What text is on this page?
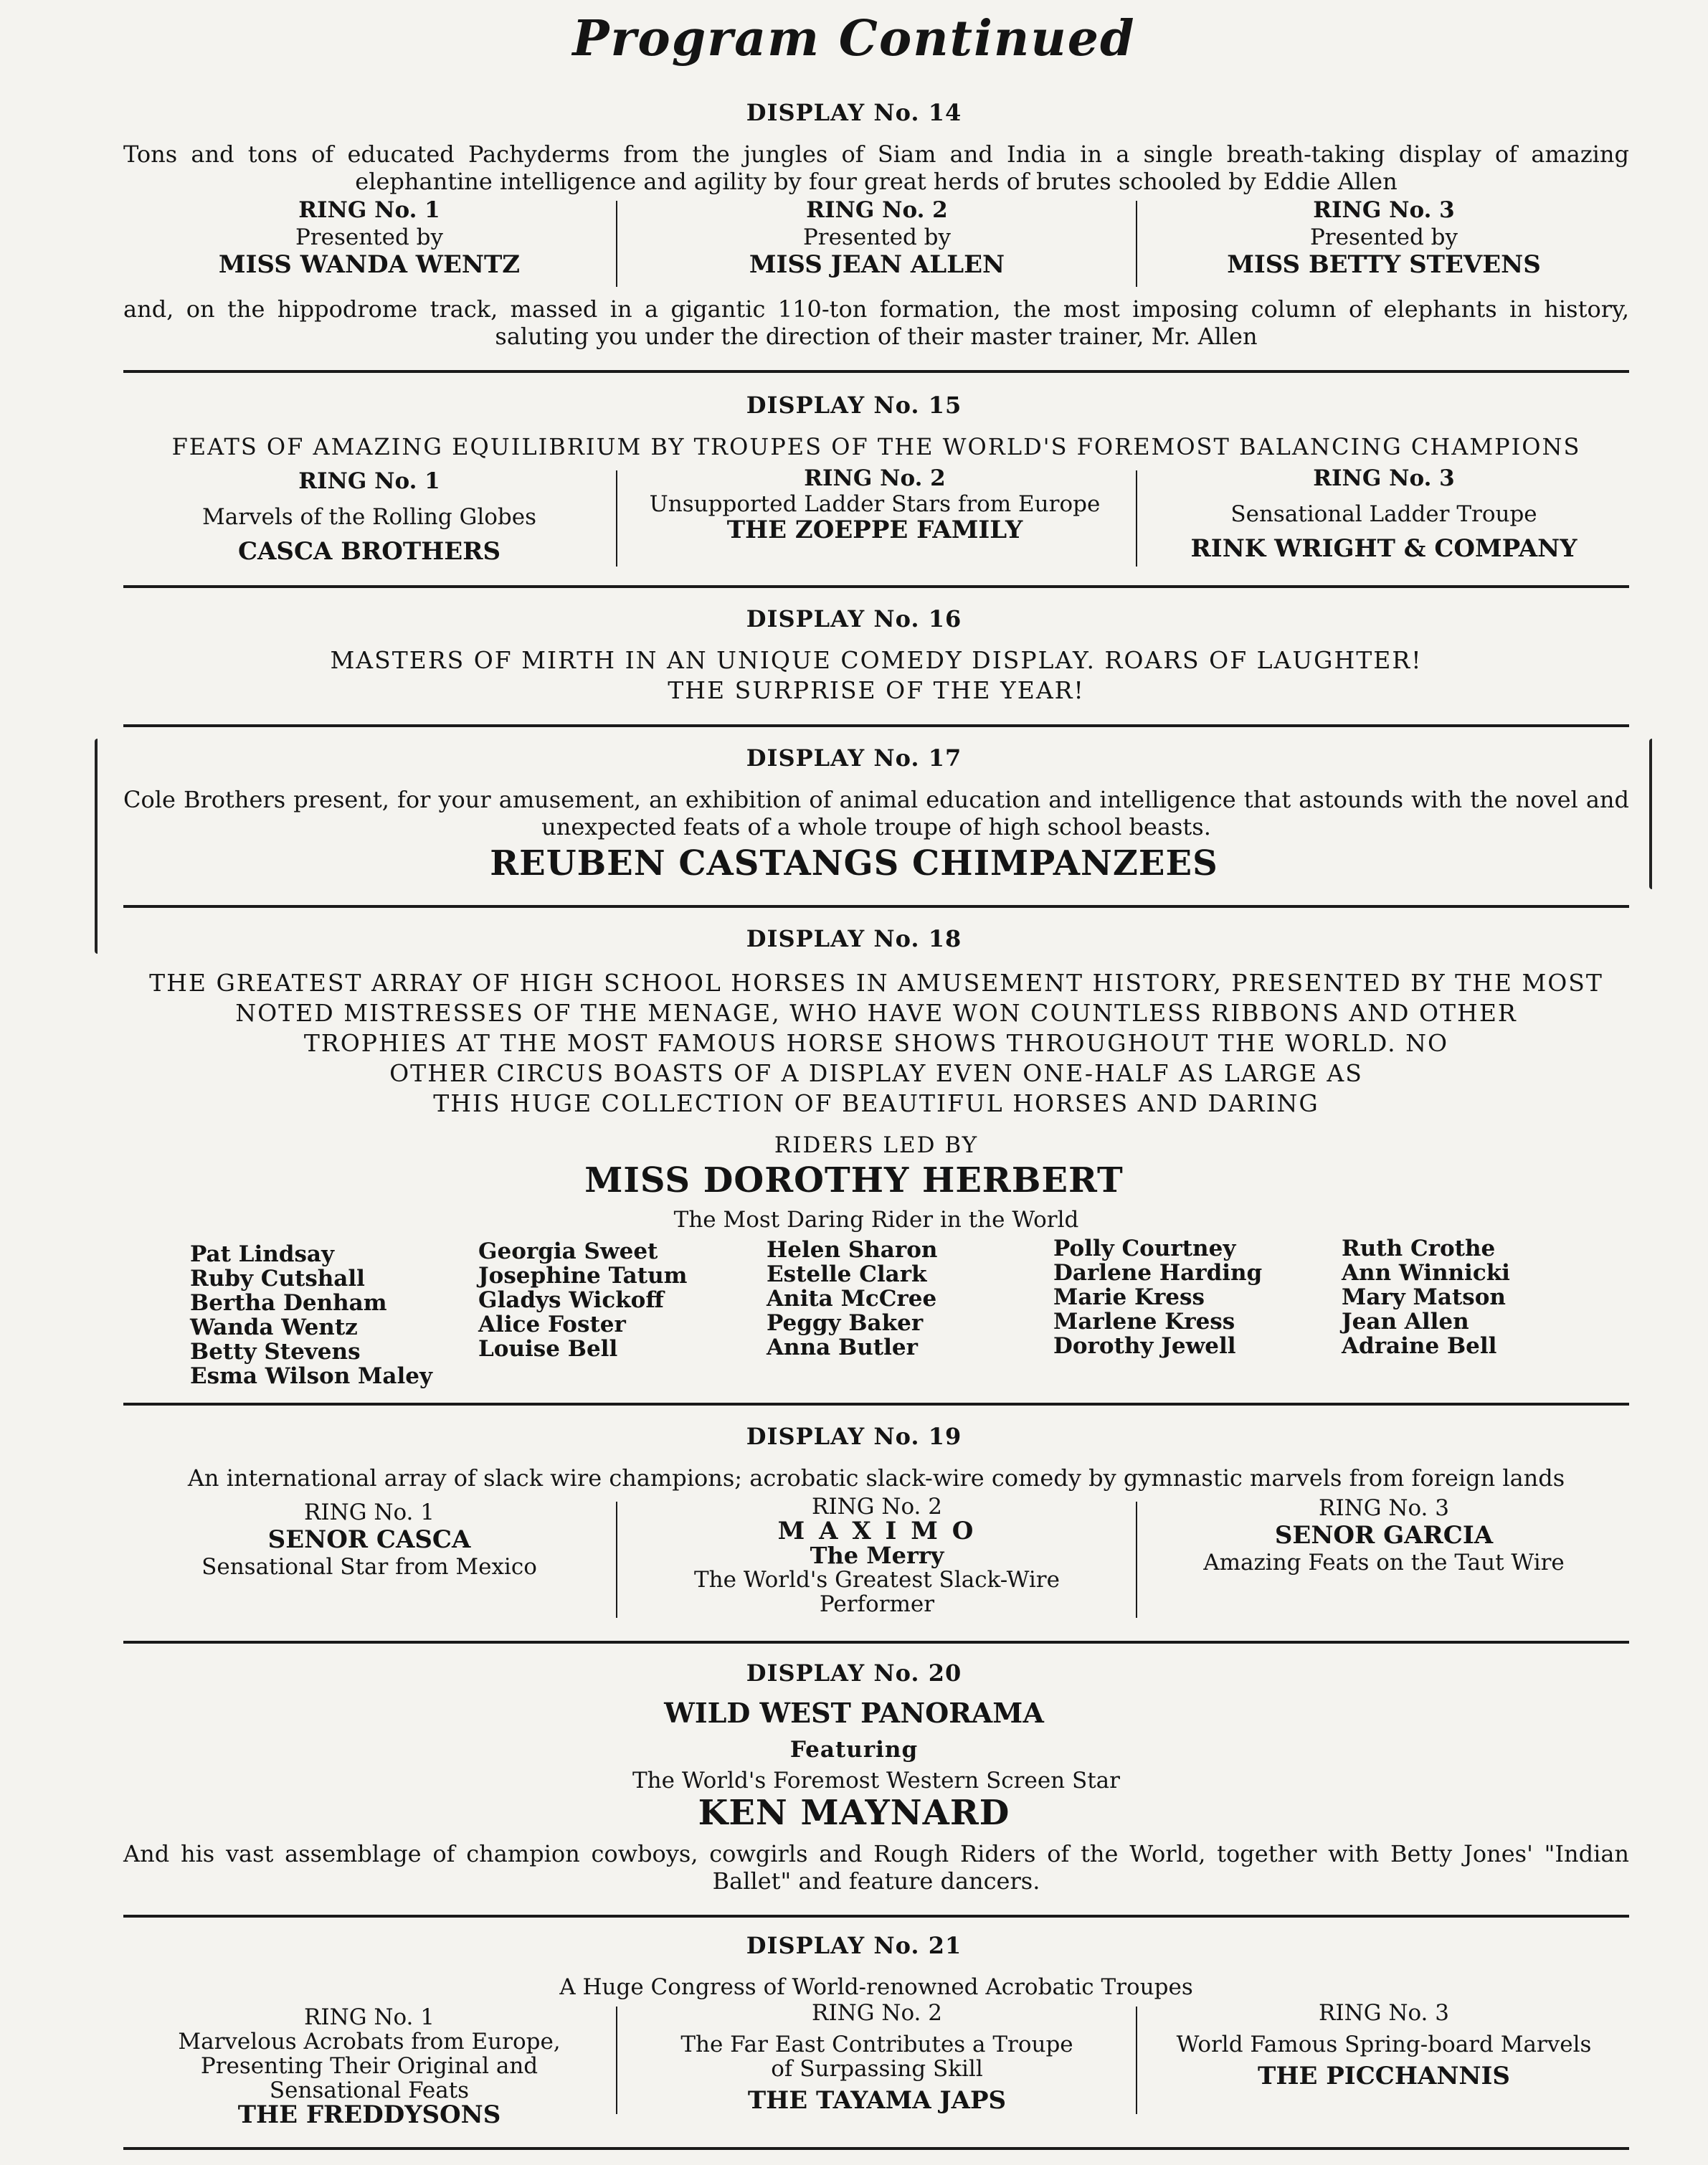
Program Continued
DISPLAY No. 14
Tons and tons of educated Pachyderms from the jungles of Siam and India in a single breath-taking display of amazing elephantine intelligence and agility by four great herds of brutes schooled by Eddie Allen
RING No. 1
Presented by
MISS WANDA WENTZ
RING No. 2
Presented by
MISS JEAN ALLEN
RING No. 3
Presented by
MISS BETTY STEVENS
and, on the hippodrome track, massed in a gigantic 110-ton formation, the most imposing column of elephants in history, saluting you under the direction of their master trainer, Mr. Allen
DISPLAY No. 15
FEATS OF AMAZING EQUILIBRIUM BY TROUPES OF THE WORLD'S FOREMOST BALANCING CHAMPIONS
RING No. 1
Marvels of the Rolling Globes
CASCA BROTHERS
RING No. 2
Unsupported Ladder Stars from Europe
THE ZOEPPE FAMILY
RING No. 3
Sensational Ladder Troupe
RINK WRIGHT & COMPANY
DISPLAY No. 16
MASTERS OF MIRTH IN AN UNIQUE COMEDY DISPLAY. ROARS OF LAUGHTER!
THE SURPRISE OF THE YEAR!
DISPLAY No. 17
Cole Brothers present, for your amusement, an exhibition of animal education and intelligence that astounds with the novel and unexpected feats of a whole troupe of high school beasts.
REUBEN CASTANGS CHIMPANZEES
DISPLAY No. 18
THE GREATEST ARRAY OF HIGH SCHOOL HORSES IN AMUSEMENT HISTORY, PRESENTED BY THE MOST
NOTED MISTRESSES OF THE MENAGE, WHO HAVE WON COUNTLESS RIBBONS AND OTHER
TROPHIES AT THE MOST FAMOUS HORSE SHOWS THROUGHOUT THE WORLD. NO
OTHER CIRCUS BOASTS OF A DISPLAY EVEN ONE-HALF AS LARGE AS
THIS HUGE COLLECTION OF BEAUTIFUL HORSES AND DARING
RIDERS LED BY
MISS DOROTHY HERBERT
The Most Daring Rider in the World
Pat Lindsay
Ruby Cutshall
Bertha Denham
Wanda Wentz
Betty Stevens
Esma Wilson Maley
Georgia Sweet
Josephine Tatum
Gladys Wickoff
Alice Foster
Louise Bell
Helen Sharon
Estelle Clark
Anita McCree
Peggy Baker
Anna Butler
Polly Courtney
Darlene Harding
Marie Kress
Marlene Kress
Dorothy Jewell
Ruth Crothe
Ann Winnicki
Mary Matson
Jean Allen
Adraine Bell
DISPLAY No. 19
An international array of slack wire champions; acrobatic slack-wire comedy by gymnastic marvels from foreign lands
RING No. 1
SENOR CASCA
Sensational Star from Mexico
RING No. 2
M A X I M O
The Merry
The World's Greatest Slack-Wire
Performer
RING No. 3
SENOR GARCIA
Amazing Feats on the Taut Wire
DISPLAY No. 20
WILD WEST PANORAMA
Featuring
The World's Foremost Western Screen Star
KEN MAYNARD
And his vast assemblage of champion cowboys, cowgirls and Rough Riders of the World, together with Betty Jones' "Indian Ballet" and feature dancers.
DISPLAY No. 21
A Huge Congress of World-renowned Acrobatic Troupes
RING No. 1
Marvelous Acrobats from Europe,
Presenting Their Original and
Sensational Feats
THE FREDDYSONS
RING No. 2
The Far East Contributes a Troupe
of Surpassing Skill
THE TAYAMA JAPS
RING No. 3
World Famous Spring-board Marvels
THE PICCHANNIS
